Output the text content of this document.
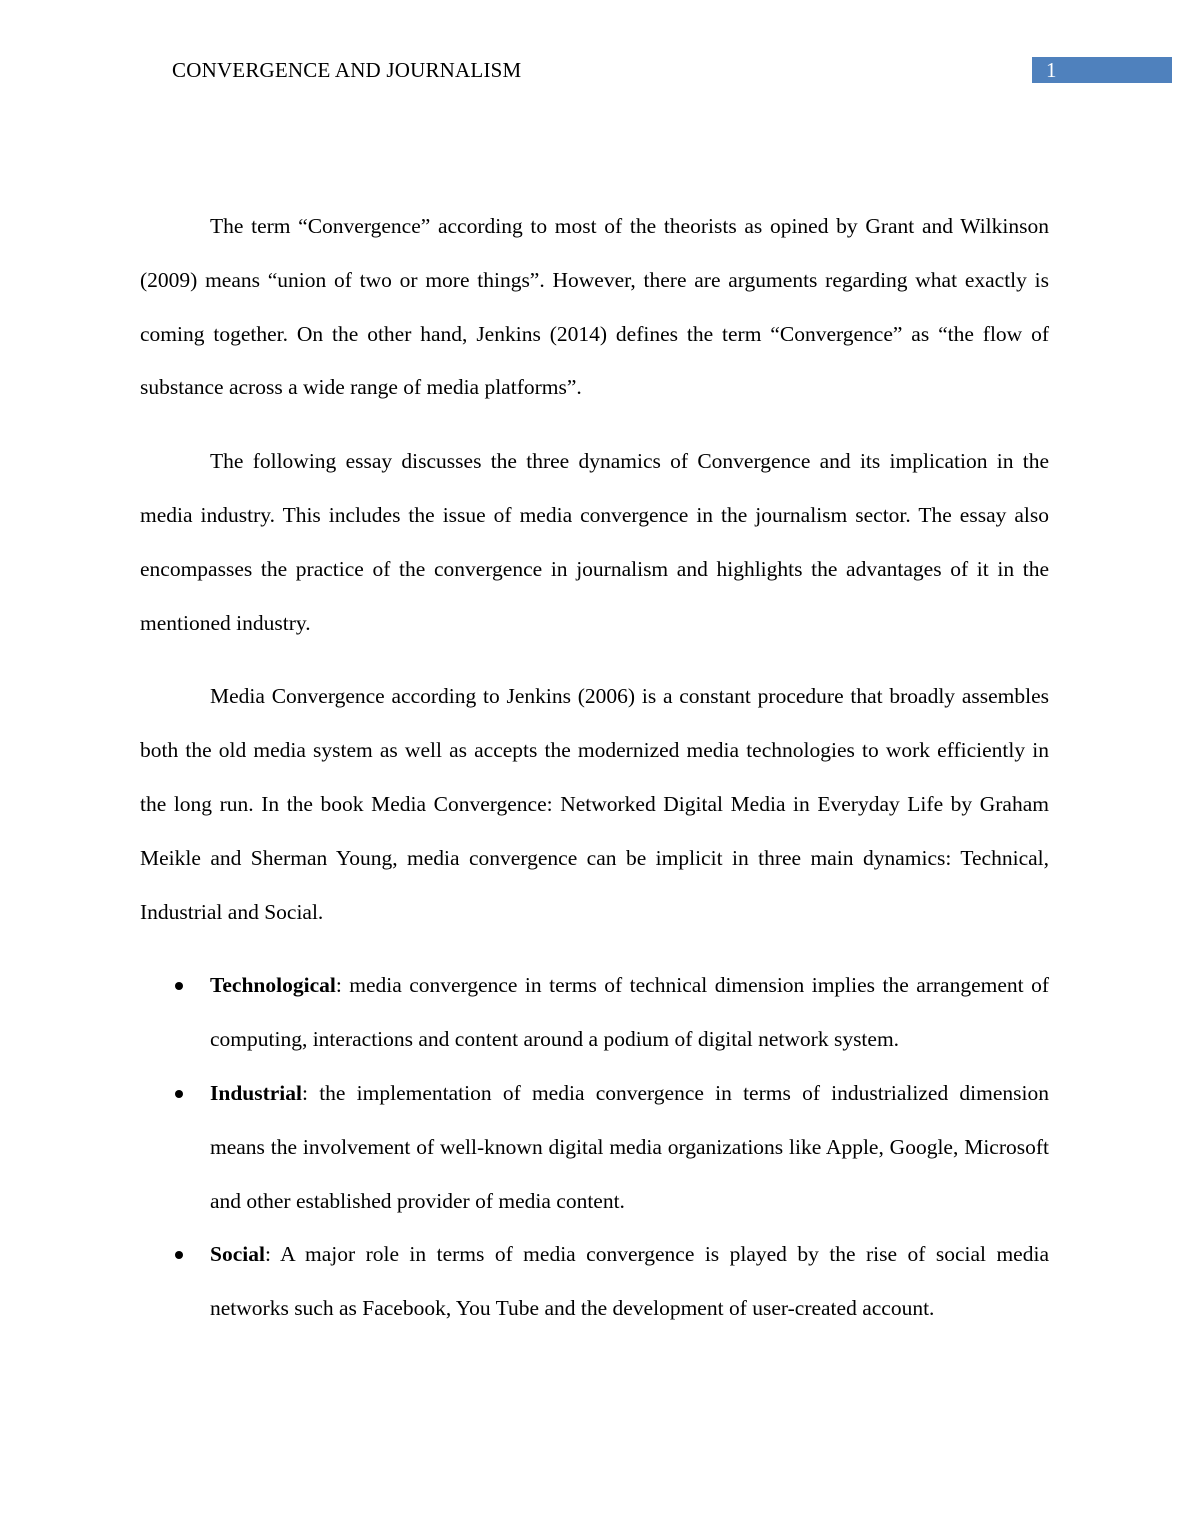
CONVERGENCE AND JOURNALISM	1

The term “Convergence” according to most of the theorists as opined by Grant and Wilkinson (2009) means “union of two or more things”. However, there are arguments regarding what exactly is coming together. On the other hand, Jenkins (2014) defines the term “Convergence” as “the flow of substance across a wide range of media platforms”.

The following essay discusses the three dynamics of Convergence and its implication in the media industry. This includes the issue of media convergence in the journalism sector. The essay also encompasses the practice of the convergence in journalism and highlights the advantages of it in the mentioned industry.

Media Convergence according to Jenkins (2006) is a constant procedure that broadly assembles both the old media system as well as accepts the modernized media technologies to work efficiently in the long run. In the book Media Convergence: Networked Digital Media in Everyday Life by Graham Meikle and Sherman Young, media convergence can be implicit in three main dynamics: Technical, Industrial and Social.

Technological: media convergence in terms of technical dimension implies the arrangement of computing, interactions and content around a podium of digital network system.
Industrial: the implementation of media convergence in terms of industrialized dimension means the involvement of well-known digital media organizations like Apple, Google, Microsoft and other established provider of media content.
Social: A major role in terms of media convergence is played by the rise of social media networks such as Facebook, You Tube and the development of user-created account.
